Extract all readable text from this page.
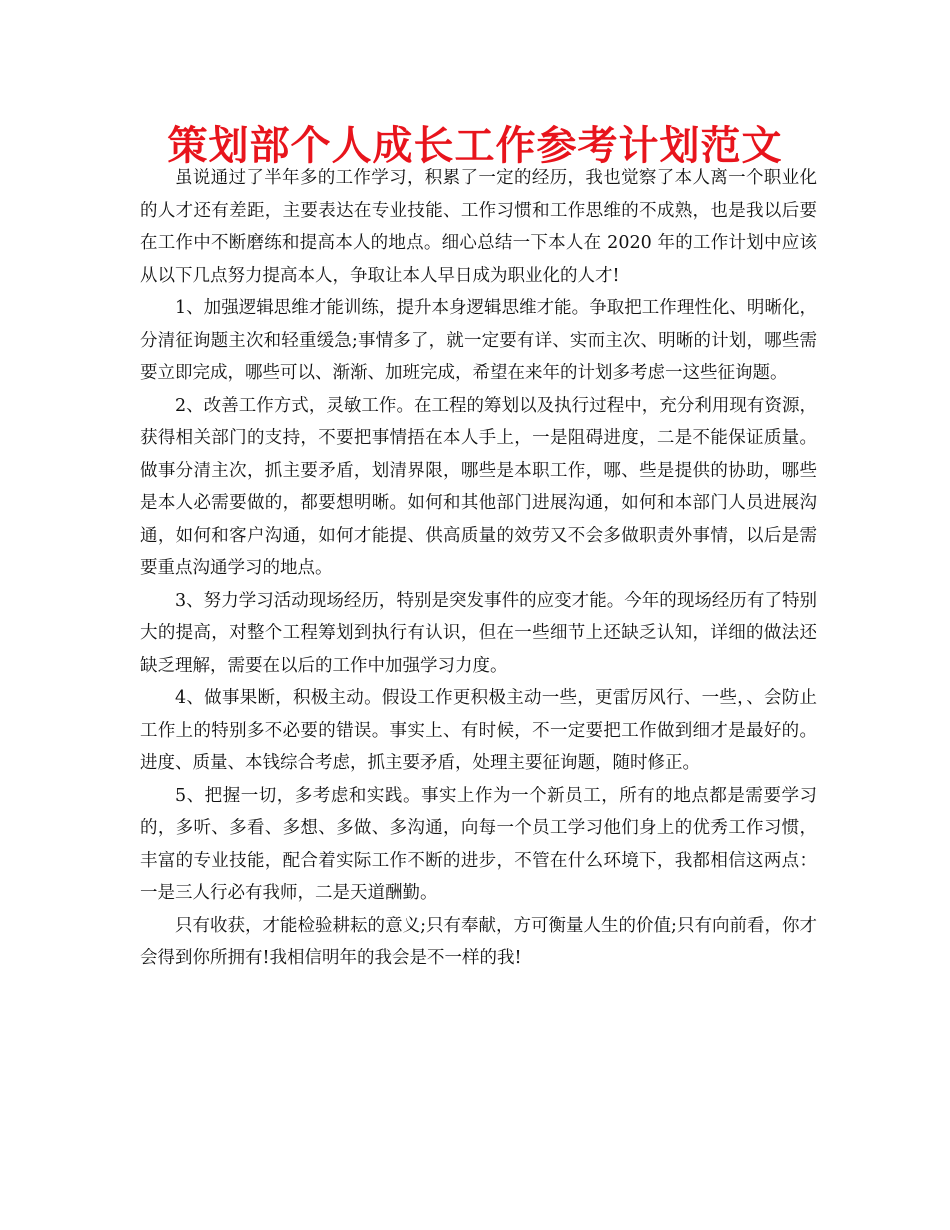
策划部个人成长工作参考计划范文

虽说通过了半年多的工作学习，积累了一定的经历，我也觉察了本人离一个职业化的人才还有差距，主要表达在专业技能、工作习惯和工作思维的不成熟，也是我以后要在工作中不断磨练和提高本人的地点。细心总结一下本人在 2020 年的工作计划中应该从以下几点努力提高本人，争取让本人早日成为职业化的人才!

1、加强逻辑思维才能训练，提升本身逻辑思维才能。争取把工作理性化、明晰化，分清征询题主次和轻重缓急;事情多了，就一定要有详、实而主次、明晰的计划，哪些需要立即完成，哪些可以、渐渐、加班完成，希望在来年的计划多考虑一这些征询题。

2、改善工作方式，灵敏工作。在工程的筹划以及执行过程中，充分利用现有资源，获得相关部门的支持，不要把事情捂在本人手上，一是阻碍进度，二是不能保证质量。做事分清主次，抓主要矛盾，划清界限，哪些是本职工作，哪、些是提供的协助，哪些是本人必需要做的，都要想明晰。如何和其他部门进展沟通，如何和本部门人员进展沟通，如何和客户沟通，如何才能提、供高质量的效劳又不会多做职责外事情，以后是需要重点沟通学习的地点。

3、努力学习活动现场经历，特别是突发事件的应变才能。今年的现场经历有了特别大的提高，对整个工程筹划到执行有认识，但在一些细节上还缺乏认知，详细的做法还缺乏理解，需要在以后的工作中加强学习力度。

4、做事果断，积极主动。假设工作更积极主动一些，更雷厉风行、一些，、会防止工作上的特别多不必要的错误。事实上、有时候，不一定要把工作做到细才是最好的。进度、质量、本钱综合考虑，抓主要矛盾，处理主要征询题，随时修正。

5、把握一切，多考虑和实践。事实上作为一个新员工，所有的地点都是需要学习的，多听、多看、多想、多做、多沟通，向每一个员工学习他们身上的优秀工作习惯，丰富的专业技能，配合着实际工作不断的进步，不管在什么环境下，我都相信这两点：一是三人行必有我师，二是天道酬勤。

只有收获，才能检验耕耘的意义;只有奉献，方可衡量人生的价值;只有向前看，你才会得到你所拥有!我相信明年的我会是不一样的我!
